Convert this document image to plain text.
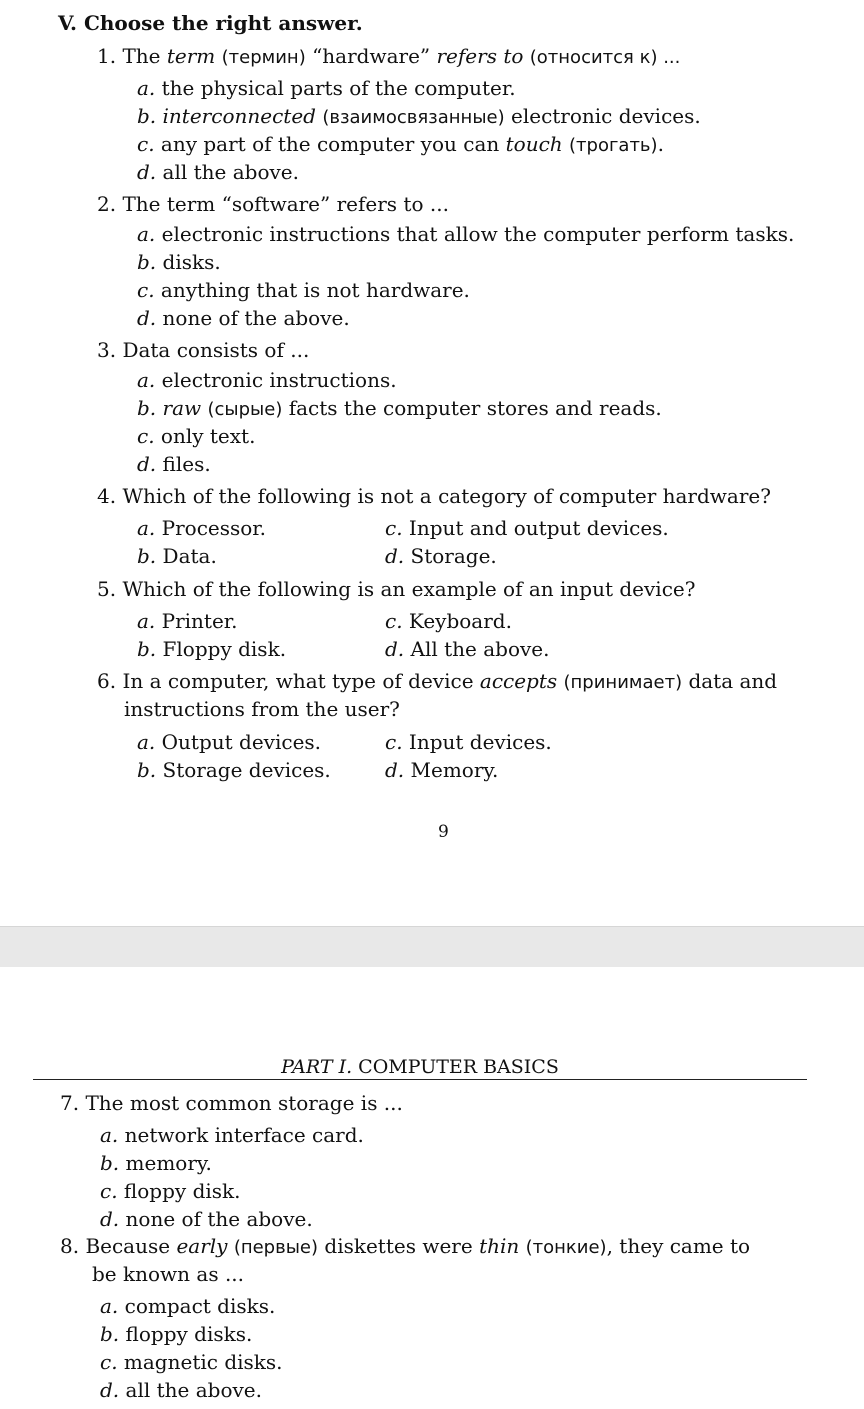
V. Choose the right answer.
1. The term (термин) “hardware” refers to (относится к) ...
a. the physical parts of the computer.
b. interconnected (взаимосвязанные) electronic devices.
c. any part of the computer you can touch (трогать).
d. all the above.
2. The term “software” refers to ...
a. electronic instructions that allow the computer perform tasks.
b. disks.
c. anything that is not hardware.
d. none of the above.
3. Data consists of ...
a. electronic instructions.
b. raw (сырые) facts the computer stores and reads.
c. only text.
d. files.
4. Which of the following is not a category of computer hardware?
a. Processor.	c. Input and output devices.
b. Data.	d. Storage.
5. Which of the following is an example of an input device?
a. Printer.	c. Keyboard.
b. Floppy disk.	d. All the above.
6. In a computer, what type of device accepts (принимает) data and
instructions from the user?
a. Output devices.	c. Input devices.
b. Storage devices.	d. Memory.
9
PART I. COMPUTER BASICS
7. The most common storage is ...
a. network interface card.
b. memory.
c. floppy disk.
d. none of the above.
8. Because early (первые) diskettes were thin (тонкие), they came to
be known as ...
a. compact disks.
b. floppy disks.
c. magnetic disks.
d. all the above.
